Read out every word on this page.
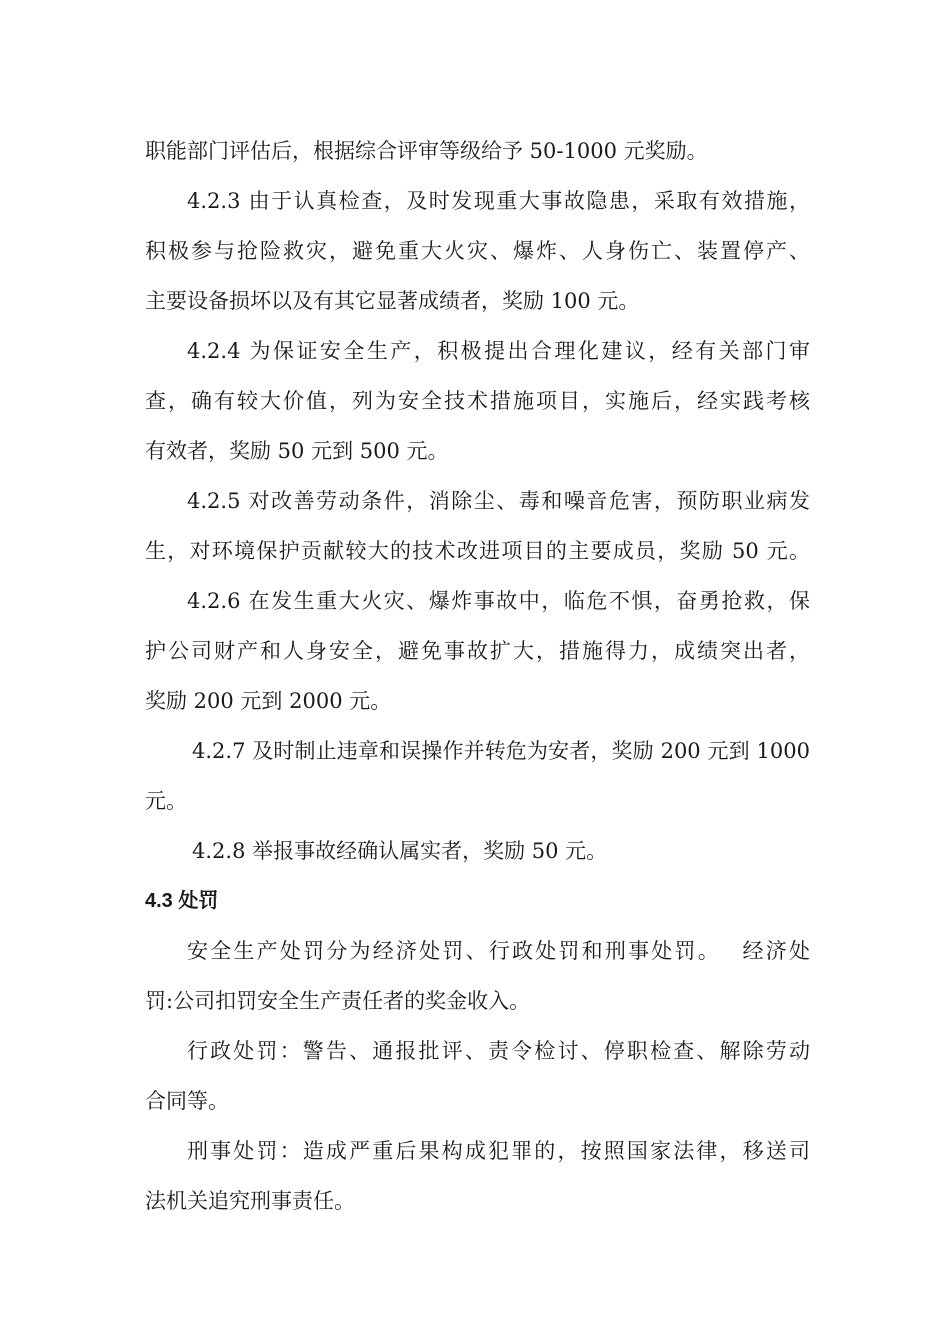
职能部门评估后，根据综合评审等级给予 50-1000 元奖励。
4.2.3 由于认真检查，及时发现重大事故隐患，采取有效措施，
积极参与抢险救灾，避免重大火灾、爆炸、人身伤亡、装置停产、
主要设备损坏以及有其它显著成绩者，奖励 100 元。
4.2.4 为保证安全生产，积极提出合理化建议，经有关部门审
查，确有较大价值，列为安全技术措施项目，实施后，经实践考核
有效者，奖励 50 元到 500 元。
4.2.5 对改善劳动条件，消除尘、毒和噪音危害，预防职业病发
生，对环境保护贡献较大的技术改进项目的主要成员，奖励 50 元。
4.2.6 在发生重大火灾、爆炸事故中，临危不惧，奋勇抢救，保
护公司财产和人身安全，避免事故扩大，措施得力，成绩突出者，
奖励 200 元到 2000 元。
4.2.7 及时制止违章和误操作并转危为安者，奖励 200 元到 1000
元。
4.2.8 举报事故经确认属实者，奖励 50 元。
4.3 处罚
安全生产处罚分为经济处罚、行政处罚和刑事处罚。　 经济处
罚:公司扣罚安全生产责任者的奖金收入。
行政处罚：警告、通报批评、责令检讨、停职检查、解除劳动
合同等。
刑事处罚：造成严重后果构成犯罪的，按照国家法律，移送司
法机关追究刑事责任。
